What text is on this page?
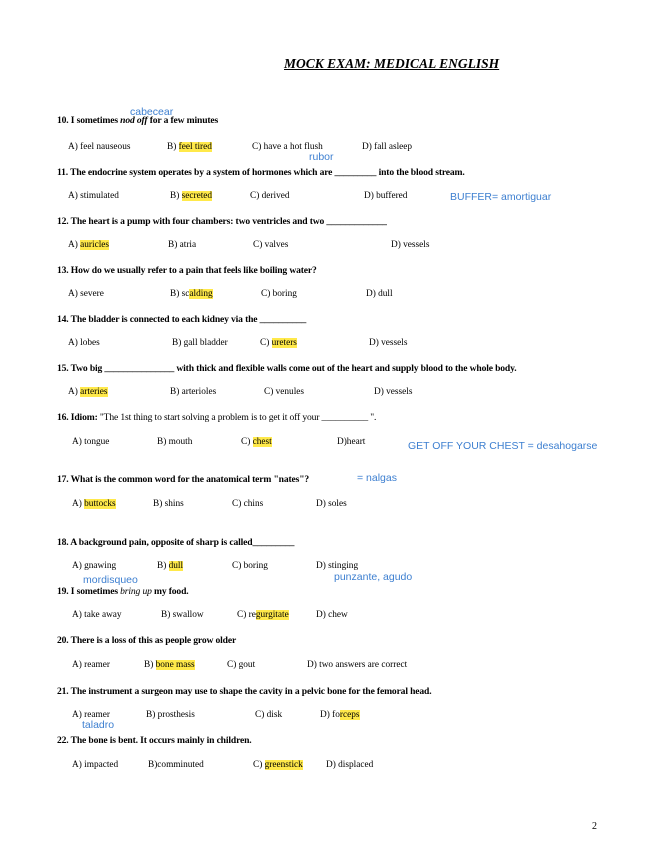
MOCK EXAM: MEDICAL ENGLISH
cabecear
10. I sometimes nod off for a few minutes
A) feel nauseous	B) feel tired	C) have a hot flush	D) fall asleep
rubor
11. The endocrine system operates by a system of hormones which are _________ into the blood stream.
A) stimulated	B) secreted	C) derived	D) buffered	BUFFER= amortiguar
12. The heart is a pump with four chambers: two ventricles and two _____________
A) auricles	B) atria	C) valves	D) vessels
13. How do we usually refer to a pain that feels like boiling water?
A) severe	B) scalding	C) boring	D) dull
14. The bladder is connected to each kidney via the __________
A) lobes	B) gall bladder	C) ureters	D) vessels
15. Two big _______________ with thick and flexible walls come out of the heart and supply blood to the whole body.
A) arteries	B) arterioles	C) venules	D) vessels
16. Idiom: "The 1st thing to start solving a problem is to get it off your __________ ".
A) tongue	B) mouth	C) chest	D)heart	GET OFF YOUR CHEST = desahogarse
17. What is the common word for the anatomical term "nates"?	= nalgas
A) buttocks	B) shins	C) chins	D) soles
18. A background pain, opposite of sharp is called_________
A) gnawing	B) dull	C) boring	D) stinging
mordisqueo	punzante, agudo
19. I sometimes bring up my food.
A) take away	B) swallow	C) regurgitate	D) chew
20. There is a loss of this as people grow older
A) reamer	B) bone mass	C) gout	D) two answers are correct
21. The instrument a surgeon may use to shape the cavity in a pelvic bone for the femoral head.
A) reamer	B) prosthesis	C) disk	D) forceps
taladro
22. The bone is bent. It occurs mainly in children.
A) impacted	B)comminuted	C) greenstick D) displaced
2
